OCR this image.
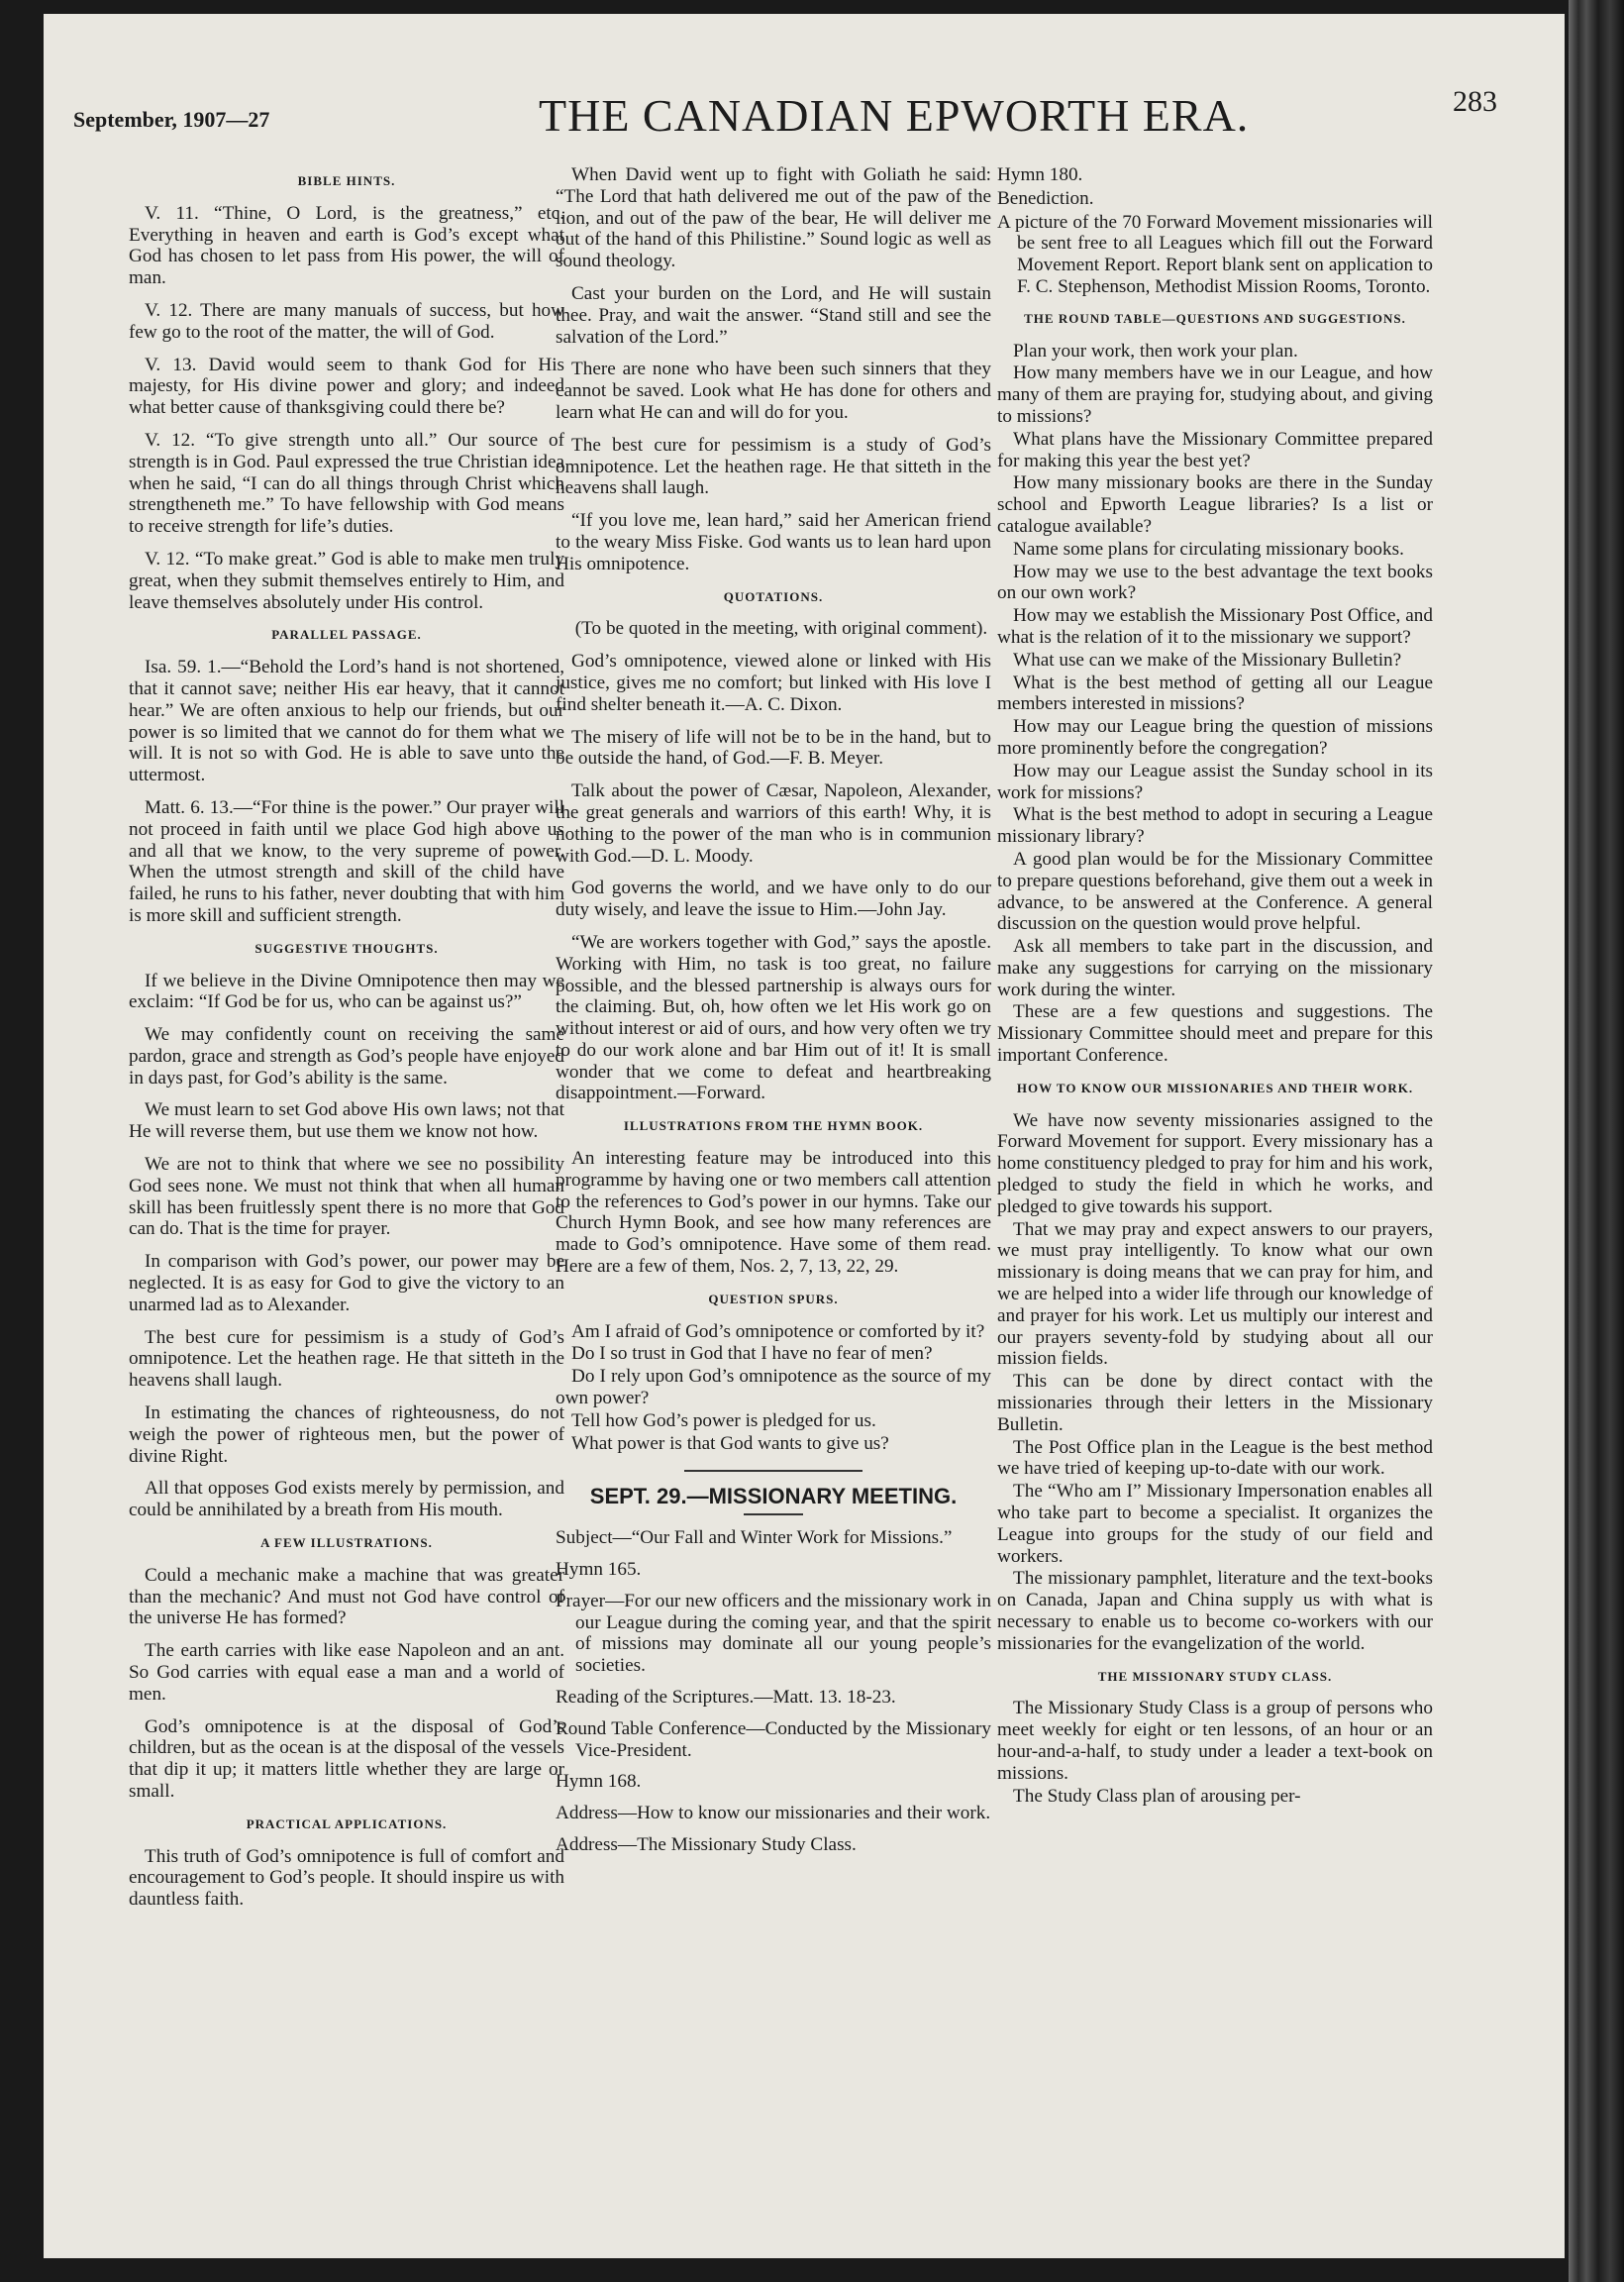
September, 1907—27	THE CANADIAN EPWORTH ERA.	283
BIBLE HINTS.

V. 11. “Thine, O Lord, is the greatness,” etc. Everything in heaven and earth is God’s except what God has chosen to let pass from His power, the will of man.

V. 12. There are many manuals of success, but how few go to the root of the matter, the will of God.

V. 13. David would seem to thank God for His majesty, for His divine power and glory; and indeed what better cause of thanksgiving could there be?

V. 12. “To give strength unto all.” Our source of strength is in God. Paul expressed the true Christian idea when he said, “I can do all things through Christ which strengtheneth me.” To have fellowship with God means to receive strength for life’s duties.

V. 12. “To make great.” God is able to make men truly great, when they submit themselves entirely to Him, and leave themselves absolutely under His control.

PARALLEL PASSAGE.

Isa. 59. 1.—“Behold the Lord’s hand is not shortened, that it cannot save; neither His ear heavy, that it cannot hear.” We are often anxious to help our friends, but our power is so limited that we cannot do for them what we will. It is not so with God. He is able to save unto the uttermost.

Matt. 6. 13.—“For thine is the power.” Our prayer will not proceed in faith until we place God high above us and all that we know, to the very supreme of power. When the utmost strength and skill of the child have failed, he runs to his father, never doubting that with him is more skill and sufficient strength.

SUGGESTIVE THOUGHTS.

If we believe in the Divine Omnipotence then may we exclaim: “If God be for us, who can be against us?”

We may confidently count on receiving the same pardon, grace and strength as God’s people have enjoyed in days past, for God’s ability is the same.

We must learn to set God above His own laws; not that He will reverse them, but use them we know not how.

We are not to think that where we see no possibility God sees none. We must not think that when all human skill has been fruitlessly spent there is no more that God can do. That is the time for prayer.

In comparison with God’s power, our power may be neglected. It is as easy for God to give the victory to an unarmed lad as to Alexander.

The best cure for pessimism is a study of God’s omnipotence. Let the heathen rage. He that sitteth in the heavens shall laugh.

In estimating the chances of righteousness, do not weigh the power of righteous men, but the power of divine Right.

All that opposes God exists merely by permission, and could be annihilated by a breath from His mouth.

A FEW ILLUSTRATIONS.

Could a mechanic make a machine that was greater than the mechanic? And must not God have control of the universe He has formed?

The earth carries with like ease Napoleon and an ant. So God carries with equal ease a man and a world of men.

God’s omnipotence is at the disposal of God’s children, but as the ocean is at the disposal of the vessels that dip it up; it matters little whether they are large or small.

PRACTICAL APPLICATIONS.

This truth of God’s omnipotence is full of comfort and encouragement to God’s people. It should inspire us with dauntless faith.

When David went up to fight with Goliath he said: “The Lord that hath delivered me out of the paw of the lion, and out of the paw of the bear, He will deliver me out of the hand of this Philistine.” Sound logic as well as sound theology.

Cast your burden on the Lord, and He will sustain thee. Pray, and wait the answer. “Stand still and see the salvation of the Lord.”

There are none who have been such sinners that they cannot be saved. Look what He has done for others and learn what He can and will do for you.

The best cure for pessimism is a study of God’s omnipotence. Let the heathen rage. He that sitteth in the heavens shall laugh.

“If you love me, lean hard,” said her American friend to the weary Miss Fiske. God wants us to lean hard upon His omnipotence.

QUOTATIONS.

(To be quoted in the meeting, with original comment).

God’s omnipotence, viewed alone or linked with His justice, gives me no comfort; but linked with His love I find shelter beneath it.—A. C. Dixon.

The misery of life will not be to be in the hand, but to be outside the hand, of God.—F. B. Meyer.

Talk about the power of Cæsar, Napoleon, Alexander, the great generals and warriors of this earth! Why, it is nothing to the power of the man who is in communion with God.—D. L. Moody.

God governs the world, and we have only to do our duty wisely, and leave the issue to Him.—John Jay.

“We are workers together with God,” says the apostle. Working with Him, no task is too great, no failure possible, and the blessed partnership is always ours for the claiming. But, oh, how often we let His work go on without interest or aid of ours, and how very often we try to do our work alone and bar Him out of it! It is small wonder that we come to defeat and heartbreaking disappointment.—Forward.

ILLUSTRATIONS FROM THE HYMN BOOK.

An interesting feature may be introduced into this programme by having one or two members call attention to the references to God’s power in our hymns. Take our Church Hymn Book, and see how many references are made to God’s omnipotence. Have some of them read. Here are a few of them, Nos. 2, 7, 13, 22, 29.

QUESTION SPURS.

Am I afraid of God’s omnipotence or comforted by it?

Do I so trust in God that I have no fear of men?

Do I rely upon God’s omnipotence as the source of my own power?

Tell how God’s power is pledged for us.

What power is that God wants to give us?

SEPT. 29.—MISSIONARY MEETING.
Subject—“Our Fall and Winter Work for Missions.”
Hymn 165.
Prayer—For our new officers and the missionary work in our League during the coming year, and that the spirit of missions may dominate all our young people’s societies.
Reading of the Scriptures.—Matt. 13. 18-23.
Round Table Conference—Conducted by the Missionary Vice-President.
Hymn 168.
Address—How to know our missionaries and their work.
Address—The Missionary Study Class.
Hymn 180.
Benediction.
A picture of the 70 Forward Movement missionaries will be sent free to all Leagues which fill out the Forward Movement Report. Report blank sent on application to F. C. Stephenson, Methodist Mission Rooms, Toronto.
THE ROUND TABLE—QUESTIONS AND SUGGESTIONS.

Plan your work, then work your plan.

How many members have we in our League, and how many of them are praying for, studying about, and giving to missions?

What plans have the Missionary Committee prepared for making this year the best yet?

How many missionary books are there in the Sunday school and Epworth League libraries? Is a list or catalogue available?

Name some plans for circulating missionary books.

How may we use to the best advantage the text books on our own work?

How may we establish the Missionary Post Office, and what is the relation of it to the missionary we support?

What use can we make of the Missionary Bulletin?

What is the best method of getting all our League members interested in missions?

How may our League bring the question of missions more prominently before the congregation?

How may our League assist the Sunday school in its work for missions?

What is the best method to adopt in securing a League missionary library?

A good plan would be for the Missionary Committee to prepare questions beforehand, give them out a week in advance, to be answered at the Conference. A general discussion on the question would prove helpful.

Ask all members to take part in the discussion, and make any suggestions for carrying on the missionary work during the winter.

These are a few questions and suggestions. The Missionary Committee should meet and prepare for this important Conference.

HOW TO KNOW OUR MISSIONARIES AND THEIR WORK.

We have now seventy missionaries assigned to the Forward Movement for support. Every missionary has a home constituency pledged to pray for him and his work, pledged to study the field in which he works, and pledged to give towards his support.

That we may pray and expect answers to our prayers, we must pray intelligently. To know what our own missionary is doing means that we can pray for him, and we are helped into a wider life through our knowledge of and prayer for his work. Let us multiply our interest and our prayers seventy-fold by studying about all our mission fields.

This can be done by direct contact with the missionaries through their letters in the Missionary Bulletin.

The Post Office plan in the League is the best method we have tried of keeping up-to-date with our work.

The “Who am I” Missionary Impersonation enables all who take part to become a specialist. It organizes the League into groups for the study of our field and workers.

The missionary pamphlet, literature and the text-books on Canada, Japan and China supply us with what is necessary to enable us to become co-workers with our missionaries for the evangelization of the world.

THE MISSIONARY STUDY CLASS.

The Missionary Study Class is a group of persons who meet weekly for eight or ten lessons, of an hour or an hour-and-a-half, to study under a leader a text-book on missions.

The Study Class plan of arousing per-
